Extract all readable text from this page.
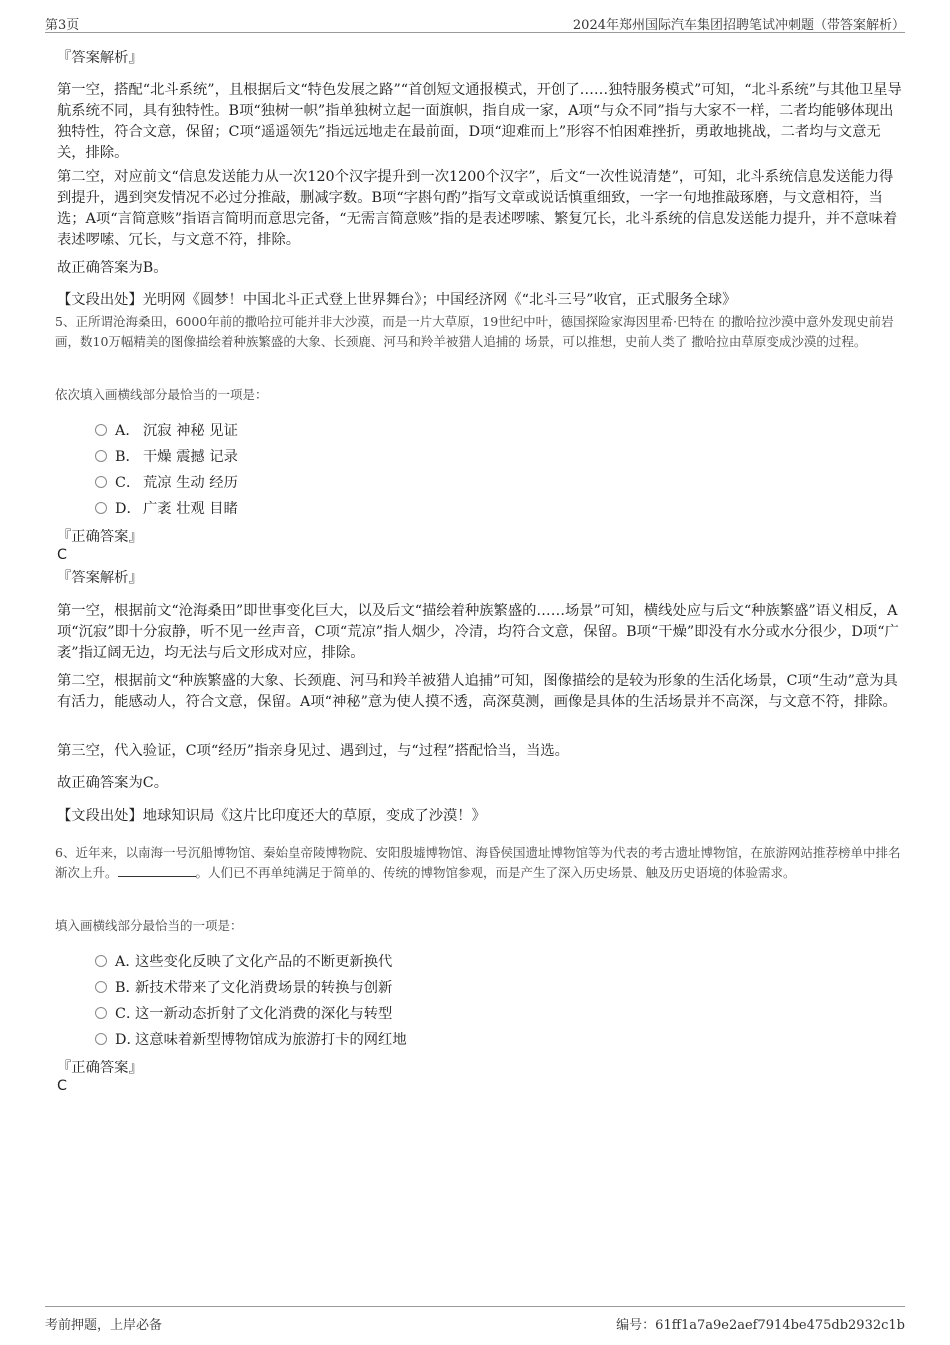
第3页	2024年郑州国际汽车集团招聘笔试冲刺题（带答案解析）
『答案解析』
第一空，搭配“北斗系统”，且根据后文“特色发展之路”“首创短文通报模式，开创了……独特服务模式”可知，“北斗系统”与其他卫星导航系统不同，具有独特性。B项“独树一帜”指单独树立起一面旗帜，指自成一家，A项“与众不同”指与大家不一样，二者均能够体现出独特性，符合文意，保留；C项“遥遥领先”指远远地走在最前面，D项“迎难而上”形容不怕困难挫折，勇敢地挑战，二者均与文意无关，排除。
第二空，对应前文“信息发送能力从一次120个汉字提升到一次1200个汉字”，后文“一次性说清楚”，可知，北斗系统信息发送能力得到提升，遇到突发情况不必过分推敲，删减字数。B项“字斟句酌”指写文章或说话慎重细致，一字一句地推敲琢磨，与文意相符，当选；A项“言简意赅”指语言简明而意思完备，“无需言简意赅”指的是表述啰嗦、繁复冗长，北斗系统的信息发送能力提升，并不意味着表述啰嗦、冗长，与文意不符，排除。
故正确答案为B。
【文段出处】光明网《圆梦！中国北斗正式登上世界舞台》；中国经济网《“北斗三号”收官，正式服务全球》
5、正所谓沧海桑田，6000年前的撒哈拉可能并非大沙漠，而是一片大草原，19世纪中叶，德国探险家海因里希·巴特在 的撒哈拉沙漠中意外发现史前岩画，数10万幅精美的图像描绘着种族繁盛的大象、长颈鹿、河马和羚羊被猎人追捕的 场景，可以推想，史前人类了 撒哈拉由草原变成沙漠的过程。
依次填入画横线部分最恰当的一项是：
A． 沉寂 神秘 见证
B． 干燥 震撼 记录
C． 荒凉 生动 经历
D． 广袤 壮观 目睹
『正确答案』
C
『答案解析』
第一空，根据前文“沧海桑田”即世事变化巨大，以及后文“描绘着种族繁盛的……场景”可知，横线处应与后文“种族繁盛”语义相反，A项“沉寂”即十分寂静，听不见一丝声音，C项“荒凉”指人烟少，冷清，均符合文意，保留。B项“干燥”即没有水分或水分很少，D项“广袤”指辽阔无边，均无法与后文形成对应，排除。
第二空，根据前文“种族繁盛的大象、长颈鹿、河马和羚羊被猎人追捕”可知，图像描绘的是较为形象的生活化场景，C项“生动”意为具有活力，能感动人，符合文意，保留。A项“神秘”意为使人摸不透，高深莫测，画像是具体的生活场景并不高深，与文意不符，排除。
第三空，代入验证，C项“经历”指亲身见过、遇到过，与“过程”搭配恰当，当选。
故正确答案为C。
【文段出处】地球知识局《这片比印度还大的草原，变成了沙漠！》
6、近年来，以南海一号沉船博物馆、秦始皇帝陵博物院、安阳殷墟博物馆、海昏侯国遗址博物馆等为代表的考古遗址博物馆，在旅游网站推荐榜单中排名渐次上升。	。人们已不再单纯满足于简单的、传统的博物馆参观，而是产生了深入历史场景、触及历史语境的体验需求。
填入画横线部分最恰当的一项是：
A．这些变化反映了文化产品的不断更新换代
B．新技术带来了文化消费场景的转换与创新
C．这一新动态折射了文化消费的深化与转型
D．这意味着新型博物馆成为旅游打卡的网红地
『正确答案』
C
考前押题，上岸必备	编号：61ff1a7a9e2aef7914be475db2932c1b
